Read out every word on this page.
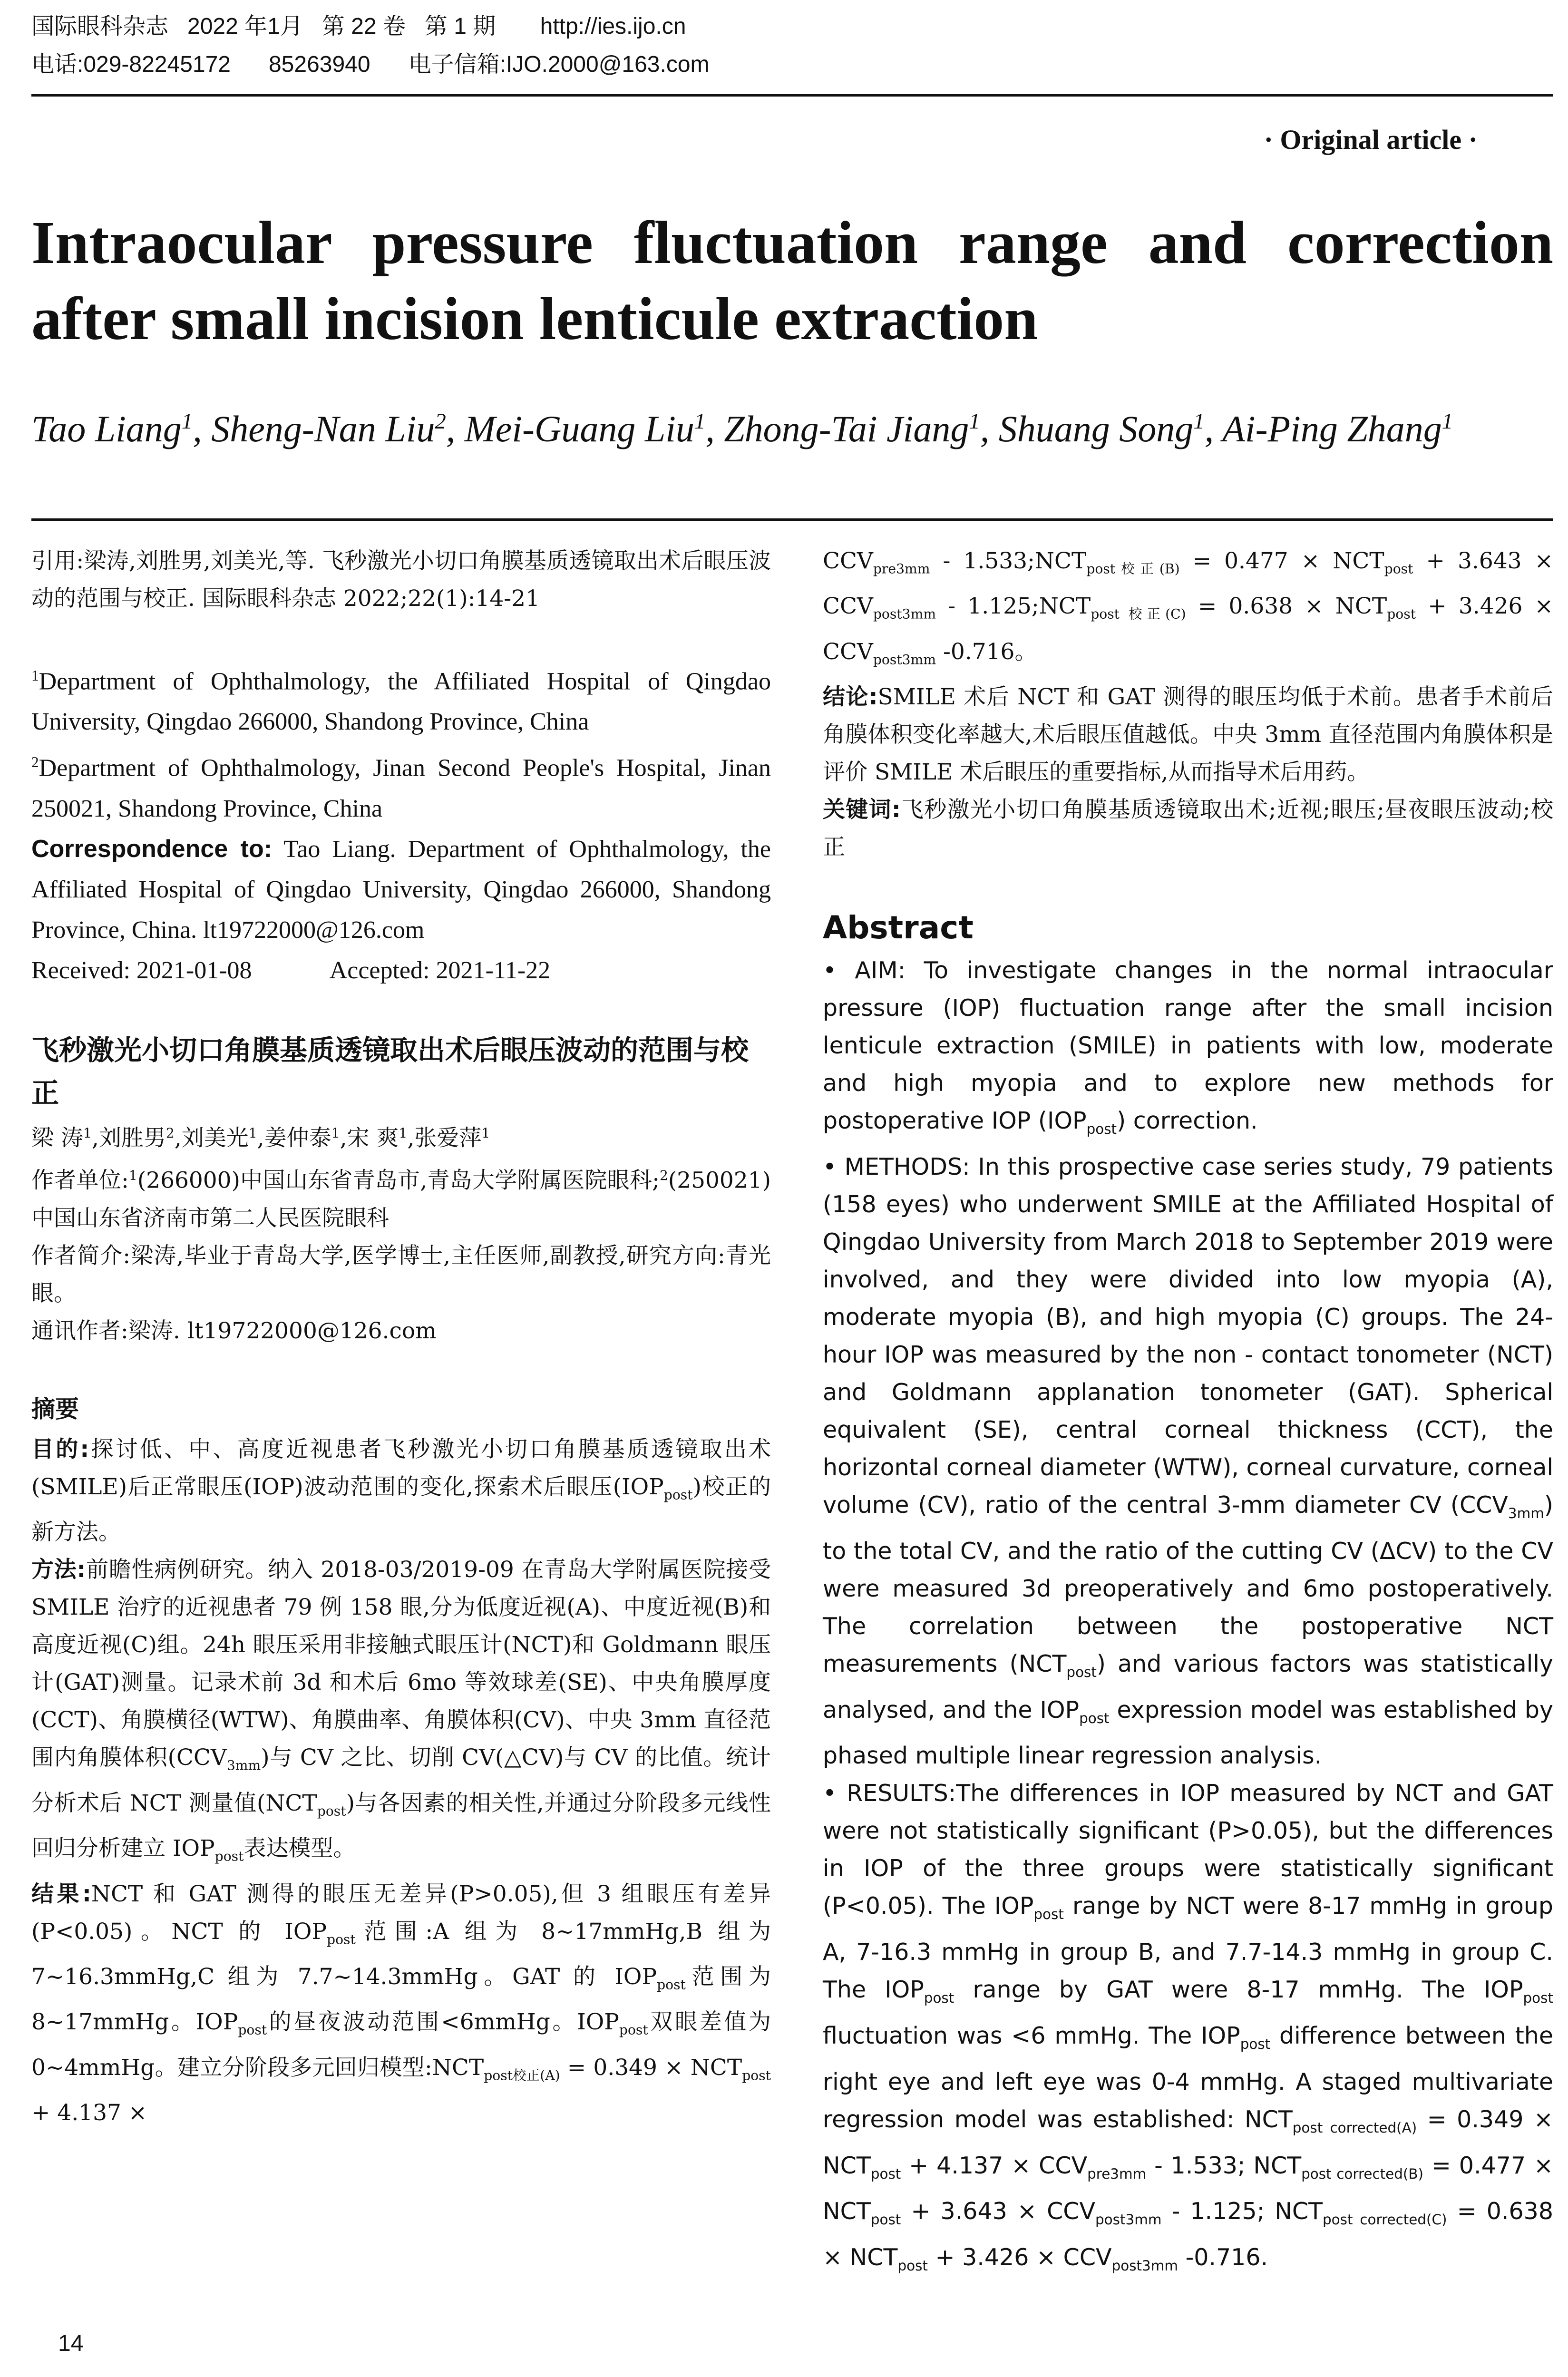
国际眼科杂志   2022 年1月   第 22 卷   第 1 期       http://ies.ijo.cn
电话:029-82245172      85263940      电子信箱:IJO.2000@163.com
· Original article ·
Intraocular pressure fluctuation range and correction after small incision lenticule extraction
Tao Liang$^1$, Sheng-Nan Liu$^2$, Mei-Guang Liu$^1$, Zhong-Tai Jiang$^1$, Shuang Song$^1$, Ai-Ping Zhang$^1$

引用:梁涛,刘胜男,刘美光,等. 飞秒激光小切口角膜基质透镜取出术后眼压波动的范围与校正. 国际眼科杂志 2022;22(1):14-21

$^1$Department of Ophthalmology, the Affiliated Hospital of Qingdao University, Qingdao 266000, Shandong Province, China

$^2$Department of Ophthalmology, Jinan Second People's Hospital, Jinan 250021, Shandong Province, China

Correspondence to: Tao Liang. Department of Ophthalmology, the Affiliated Hospital of Qingdao University, Qingdao 266000, Shandong Province, China. lt19722000@126.com

Received: 2021-01-08	Accepted: 2021-11-22

飞秒激光小切口角膜基质透镜取出术后眼压波动的范围与校正

梁 涛$^1$,刘胜男$^2$,刘美光$^1$,姜仲泰$^1$,宋 爽$^1$,张爱萍$^1$

作者单位:$^1$(266000)中国山东省青岛市,青岛大学附属医院眼科;$^2$(250021)中国山东省济南市第二人民医院眼科

作者简介:梁涛,毕业于青岛大学,医学博士,主任医师,副教授,研究方向:青光眼。

通讯作者:梁涛. lt19722000@126.com

摘要

目的:探讨低、中、高度近视患者飞秒激光小切口角膜基质透镜取出术(SMILE)后正常眼压(IOP)波动范围的变化,探索术后眼压$(IOP_{post})$校正的新方法。

方法:前瞻性病例研究。纳入 2018-03/2019-09 在青岛大学附属医院接受 SMILE 治疗的近视患者 79 例 158 眼,分为低度近视(A)、中度近视(B)和高度近视(C)组。24h 眼压采用非接触式眼压计(NCT)和 Goldmann 眼压计(GAT)测量。记录术前 3d 和术后 6mo 等效球差(SE)、中央角膜厚度(CCT)、角膜横径(WTW)、角膜曲率、角膜体积(CV)、中央 3mm 直径范围内角膜体积$(CCV_{3mm})$与 CV 之比、切削 CV(△CV)与 CV 的比值。统计分析术后 NCT 测量值$(NCT_{post})$与各因素的相关性,并通过分阶段多元线性回归分析建立 $IOP_{post}$表达模型。

结果:NCT 和 GAT 测得的眼压无差异(P>0.05),但 3 组眼压有差异(P<0.05)。NCT 的 $IOP_{post}$范围:A 组为 8~17mmHg,B 组为 7~16.3mmHg,C 组为 7.7~14.3mmHg。GAT 的 $IOP_{post}$范围为 8~17mmHg。$IOP_{post}$的昼夜波动范围<6mmHg。$IOP_{post}$双眼差值为 0~4mmHg。建立分阶段多元回归模型$:NCT_{post校正(A)} = 0.349 \times NCT_{post} + 4.137$ ×

$CCV_{pre3mm}$ - $1.533;NCT_{post校正(B)} = 0.477 \times NCT_{post} + 3.643 \times CCV_{post3mm}$ - $1.125;NCT_{post 校正(C)} = 0.638 \times NCT_{post} + 3.426 \times CCV_{post3mm}$ -0.716。

结论:SMILE 术后 NCT 和 GAT 测得的眼压均低于术前。患者手术前后角膜体积变化率越大,术后眼压值越低。中央 3mm 直径范围内角膜体积是评价 SMILE 术后眼压的重要指标,从而指导术后用药。

关键词:飞秒激光小切口角膜基质透镜取出术;近视;眼压;昼夜眼压波动;校正

Abstract

• AIM: To investigate changes in the normal intraocular pressure (IOP) fluctuation range after the small incision lenticule extraction (SMILE) in patients with low, moderate and high myopia and to explore new methods for postoperative IOP $(IOP_{post})$ correction.

• METHODS: In this prospective case series study, 79 patients (158 eyes) who underwent SMILE at the Affiliated Hospital of Qingdao University from March 2018 to September 2019 were involved, and they were divided into low myopia (A), moderate myopia (B), and high myopia (C) groups. The 24-hour IOP was measured by the non - contact tonometer (NCT) and Goldmann applanation tonometer (GAT). Spherical equivalent (SE), central corneal thickness (CCT), the horizontal corneal diameter (WTW), corneal curvature, corneal volume (CV), ratio of the central 3-mm diameter CV $(CCV_{3mm})$ to the total CV, and the ratio of the cutting CV (ΔCV) to the CV were measured 3d preoperatively and 6mo postoperatively. The correlation between the postoperative NCT measurements $(NCT_{post})$ and various factors was statistically analysed, and the $IOP_{post}$ expression model was established by phased multiple linear regression analysis.

• RESULTS:The differences in IOP measured by NCT and GAT were not statistically significant (P>0.05), but the differences in IOP of the three groups were statistically significant (P<0.05). The $IOP_{post}$ range by NCT were 8-17 mmHg in group A, 7-16.3 mmHg in group B, and 7.7-14.3 mmHg in group C. The $IOP_{post}$ range by GAT were 8-17 mmHg. The $IOP_{post}$ fluctuation was <6 mmHg. The $IOP_{post}$ difference between the right eye and left eye was 0-4 mmHg. A staged multivariate regression model was established: $NCT_{post corrected(A)} = 0.349 \times NCT_{post} + 4.137 \times CCV_{pre3mm} - 1.533$; $NCT_{post corrected(B)} = 0.477 \times NCT_{post} + 3.643 \times CCV_{post3mm} - 1.125$; $NCT_{post corrected(C)} = 0.638 \times NCT_{post} + 3.426 \times CCV_{post3mm}$ -0.716.

14
